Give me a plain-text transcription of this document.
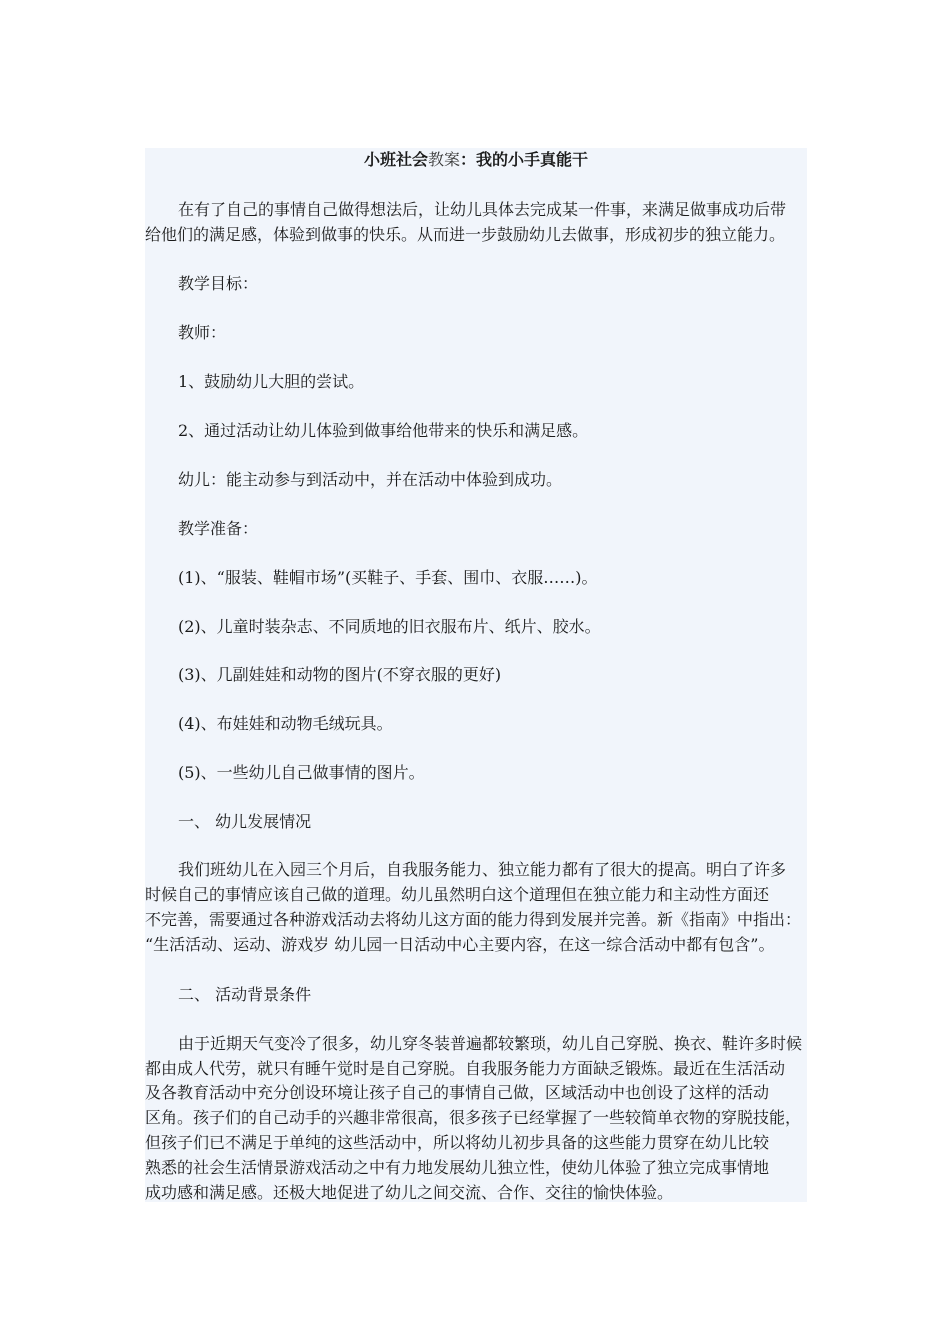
小班社会教案：我的小手真能干
在有了自己的事情自己做得想法后，让幼儿具体去完成某一件事，来满足做事成功后带
给他们的满足感，体验到做事的快乐。从而进一步鼓励幼儿去做事，形成初步的独立能力。
教学目标：
教师：
1、鼓励幼儿大胆的尝试。
2、通过活动让幼儿体验到做事给他带来的快乐和满足感。
幼儿：能主动参与到活动中，并在活动中体验到成功。
教学准备：
(1)、“服装、鞋帽市场”(买鞋子、手套、围巾、衣服……)。
(2)、儿童时装杂志、不同质地的旧衣服布片、纸片、胶水。
(3)、几副娃娃和动物的图片(不穿衣服的更好)
(4)、布娃娃和动物毛绒玩具。
(5)、一些幼儿自己做事情的图片。
一、 幼儿发展情况
我们班幼儿在入园三个月后，自我服务能力、独立能力都有了很大的提高。明白了许多
时候自己的事情应该自己做的道理。幼儿虽然明白这个道理但在独立能力和主动性方面还
不完善，需要通过各种游戏活动去将幼儿这方面的能力得到发展并完善。新《指南》中指出：
“生活活动、运动、游戏岁 幼儿园一日活动中心主要内容，在这一综合活动中都有包含”。
二、 活动背景条件
由于近期天气变冷了很多，幼儿穿冬装普遍都较繁琐，幼儿自己穿脱、换衣、鞋许多时候
都由成人代劳，就只有睡午觉时是自己穿脱。自我服务能力方面缺乏锻炼。最近在生活活动
及各教育活动中充分创设环境让孩子自己的事情自己做，区域活动中也创设了这样的活动
区角。孩子们的自己动手的兴趣非常很高，很多孩子已经掌握了一些较简单衣物的穿脱技能，
但孩子们已不满足于单纯的这些活动中，所以将幼儿初步具备的这些能力贯穿在幼儿比较
熟悉的社会生活情景游戏活动之中有力地发展幼儿独立性，使幼儿体验了独立完成事情地
成功感和满足感。还极大地促进了幼儿之间交流、合作、交往的愉快体验。
